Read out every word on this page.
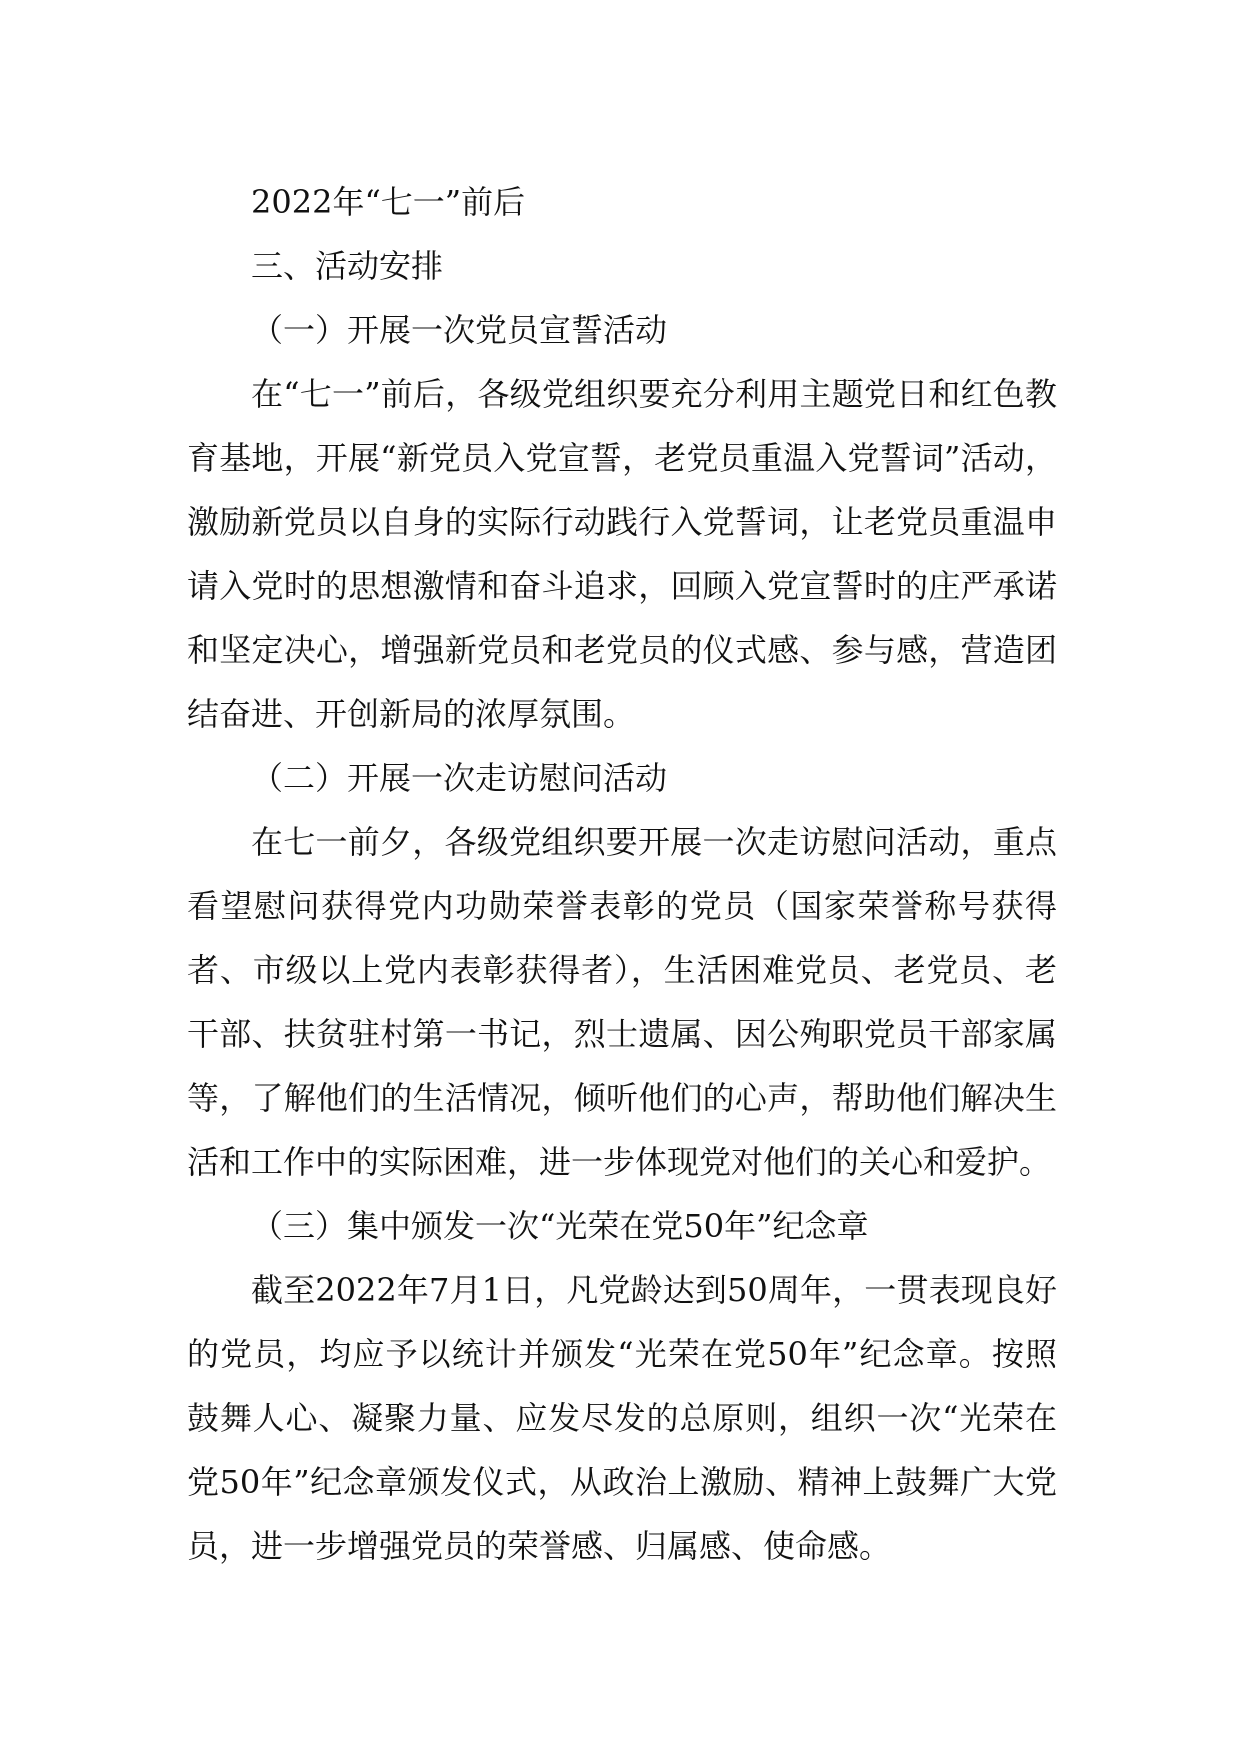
2022年“七一”前后

三、活动安排

（一）开展一次党员宣誓活动

在“七一”前后，各级党组织要充分利用主题党日和红色教育基地，开展“新党员入党宣誓，老党员重温入党誓词”活动，激励新党员以自身的实际行动践行入党誓词，让老党员重温申请入党时的思想激情和奋斗追求，回顾入党宣誓时的庄严承诺和坚定决心，增强新党员和老党员的仪式感、参与感，营造团结奋进、开创新局的浓厚氛围。

（二）开展一次走访慰问活动

在七一前夕，各级党组织要开展一次走访慰问活动，重点看望慰问获得党内功勋荣誉表彰的党员（国家荣誉称号获得者、市级以上党内表彰获得者），生活困难党员、老党员、老干部、扶贫驻村第一书记，烈士遗属、因公殉职党员干部家属等，了解他们的生活情况，倾听他们的心声，帮助他们解决生活和工作中的实际困难，进一步体现党对他们的关心和爱护。

（三）集中颁发一次“光荣在党50年”纪念章

截至2022年7月1日，凡党龄达到50周年，一贯表现良好的党员，均应予以统计并颁发“光荣在党50年”纪念章。按照鼓舞人心、凝聚力量、应发尽发的总原则，组织一次“光荣在党50年”纪念章颁发仪式，从政治上激励、精神上鼓舞广大党员，进一步增强党员的荣誉感、归属感、使命感。
